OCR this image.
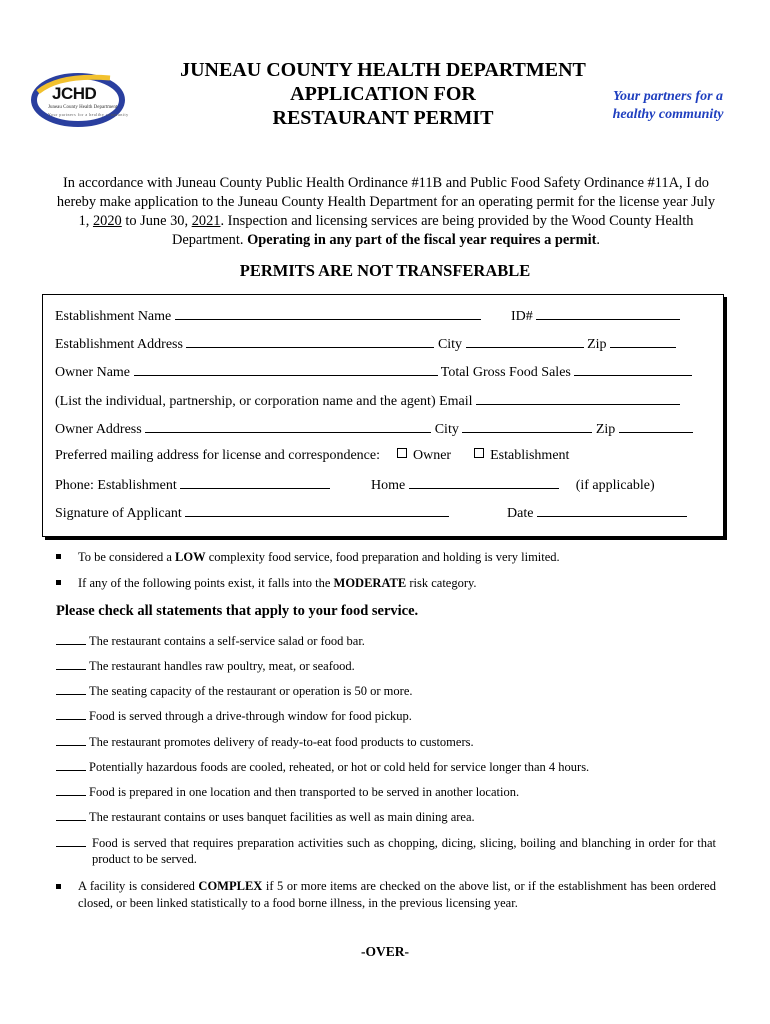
JCHD
Juneau County Health Department
Your partners for a healthy community
JUNEAU COUNTY HEALTH DEPARTMENT
APPLICATION FOR
RESTAURANT PERMIT
Your partners for a
healthy community
In accordance with Juneau County Public Health Ordinance #11B and Public Food Safety Ordinance #11A, I do hereby make application to the Juneau County Health Department for an operating permit for the license year July 1, 2020 to June 30, 2021. Inspection and licensing services are being provided by the Wood County Health Department. Operating in any part of the fiscal year requires a permit.
PERMITS ARE NOT TRANSFERABLE
Establishment Name	ID#
Establishment Address	City	Zip
Owner Name	Total Gross Food Sales
(List the individual, partnership, or corporation name and the agent) Email
Owner Address	City	Zip
Preferred mailing address for license and correspondence: Owner	Establishment
Phone: Establishment	Home	(if applicable)
Signature of Applicant	Date
To be considered a LOW complexity food service, food preparation and holding is very limited.
If any of the following points exist, it falls into the MODERATE risk category.
Please check all statements that apply to your food service.
The restaurant contains a self-service salad or food bar.
The restaurant handles raw poultry, meat, or seafood.
The seating capacity of the restaurant or operation is 50 or more.
Food is served through a drive-through window for food pickup.
The restaurant promotes delivery of ready-to-eat food products to customers.
Potentially hazardous foods are cooled, reheated, or hot or cold held for service longer than 4 hours.
Food is prepared in one location and then transported to be served in another location.
The restaurant contains or uses banquet facilities as well as main dining area.
Food is served that requires preparation activities such as chopping, dicing, slicing, boiling and blanching in order for that product to be served.
A facility is considered COMPLEX if 5 or more items are checked on the above list, or if the establishment has been ordered closed, or been linked statistically to a food borne illness, in the previous licensing year.
-OVER-
